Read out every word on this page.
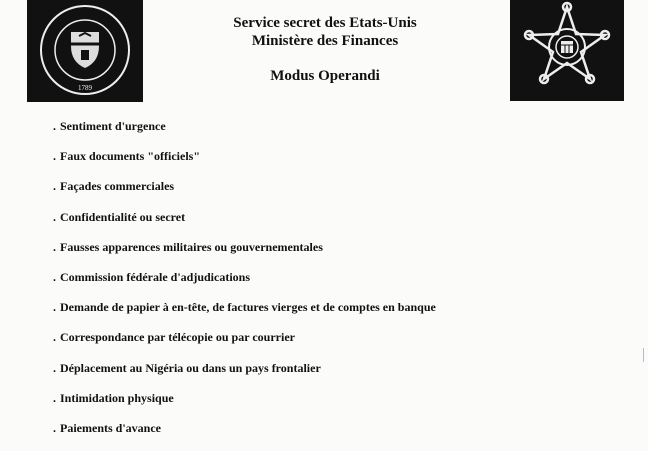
1789
Service secret des Etats-Unis
Ministère des Finances
Modus Operandi
. Sentiment d'urgence
. Faux documents "officiels"
. Façades commerciales
. Confidentialité ou secret
. Fausses apparences militaires ou gouvernementales
. Commission fédérale d'adjudications
. Demande de papier à en-tête, de factures vierges et de comptes en banque
. Correspondance par télécopie ou par courrier
. Déplacement au Nigéria ou dans un pays frontalier
. Intimidation physique
. Paiements d'avance
